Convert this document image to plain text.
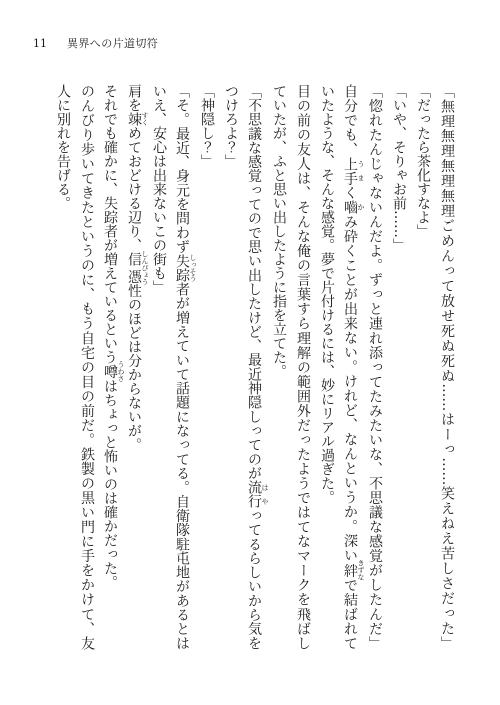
11 異界への片道切符
「無理無理無理無理ごめんって放せ死ぬ死ぬ……はーっ……笑えねえ苦しさだった」
「だったら茶化すなよ」
「いや、そりゃお前……」
「惚れたんじゃないんだよ。ずっと連れ添ってたみたいな、不思議な感覚がしたんだ」
自分でも、上手 うまく嚙 かみ砕くことが出来ない。けれど、なんというか。深い絆 きずなで結ばれて
いたような、そんな感覚。夢で片付けるには、妙にリアル過ぎた。
目の前の友人は、そんな俺の言葉すら理解の範囲外だったようではてなマークを飛ばし
ていたが、ふと思い出したように指を立てた。
「不思議な感覚ってので思い出したけど、最近神隠しってのが流行 はやってるらしいから気を
つけろよ？」
「神隠し？」
「そ。最近、身元を問わず失踪 しっそう者が増えていて話題になってる。自衛隊駐屯地があるとは
いえ、安心は出来ないこの街も」
肩を竦 すくめておどける辺り、信憑 しんぴょう性のほどは分からないが。
それでも確かに、失踪者が増えているという噂 うわさはちょっと怖いのは確かだった。
のんびり歩いてきたというのに、もう自宅の目の前だ。鉄製の黒い門に手をかけて、友
人に別れを告げる。
